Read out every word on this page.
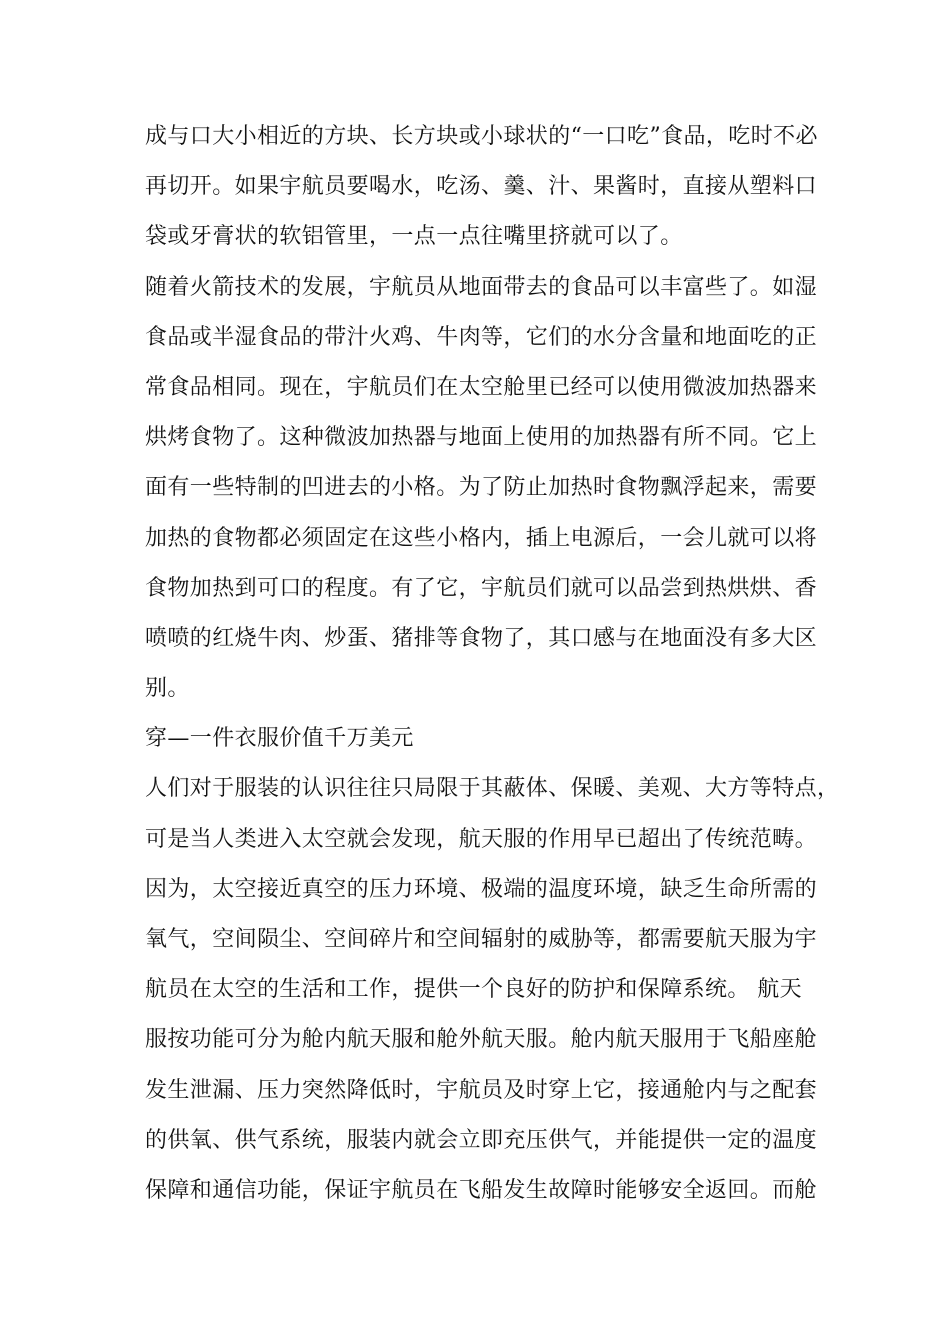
成与口大小相近的方块、长方块或小球状的“一口吃”食品，吃时不必
再切开。如果宇航员要喝水，吃汤、羹、汁、果酱时，直接从塑料口
袋或牙膏状的软铝管里，一点一点往嘴里挤就可以了。
随着火箭技术的发展，宇航员从地面带去的食品可以丰富些了。如湿
食品或半湿食品的带汁火鸡、牛肉等，它们的水分含量和地面吃的正
常食品相同。现在，宇航员们在太空舱里已经可以使用微波加热器来
烘烤食物了。这种微波加热器与地面上使用的加热器有所不同。它上
面有一些特制的凹进去的小格。为了防止加热时食物飘浮起来，需要
加热的食物都必须固定在这些小格内，插上电源后，一会儿就可以将
食物加热到可口的程度。有了它，宇航员们就可以品尝到热烘烘、香
喷喷的红烧牛肉、炒蛋、猪排等食物了，其口感与在地面没有多大区
别。
穿—一件衣服价值千万美元
人们对于服装的认识往往只局限于其蔽体、保暖、美观、大方等特点，
可是当人类进入太空就会发现，航天服的作用早已超出了传统范畴。
因为，太空接近真空的压力环境、极端的温度环境，缺乏生命所需的
氧气，空间陨尘、空间碎片和空间辐射的威胁等，都需要航天服为宇
航员在太空的生活和工作，提供一个良好的防护和保障系统。 航天
服按功能可分为舱内航天服和舱外航天服。舱内航天服用于飞船座舱
发生泄漏、压力突然降低时，宇航员及时穿上它，接通舱内与之配套
的供氧、供气系统，服装内就会立即充压供气，并能提供一定的温度
保障和通信功能，保证宇航员在飞船发生故障时能够安全返回。而舱
